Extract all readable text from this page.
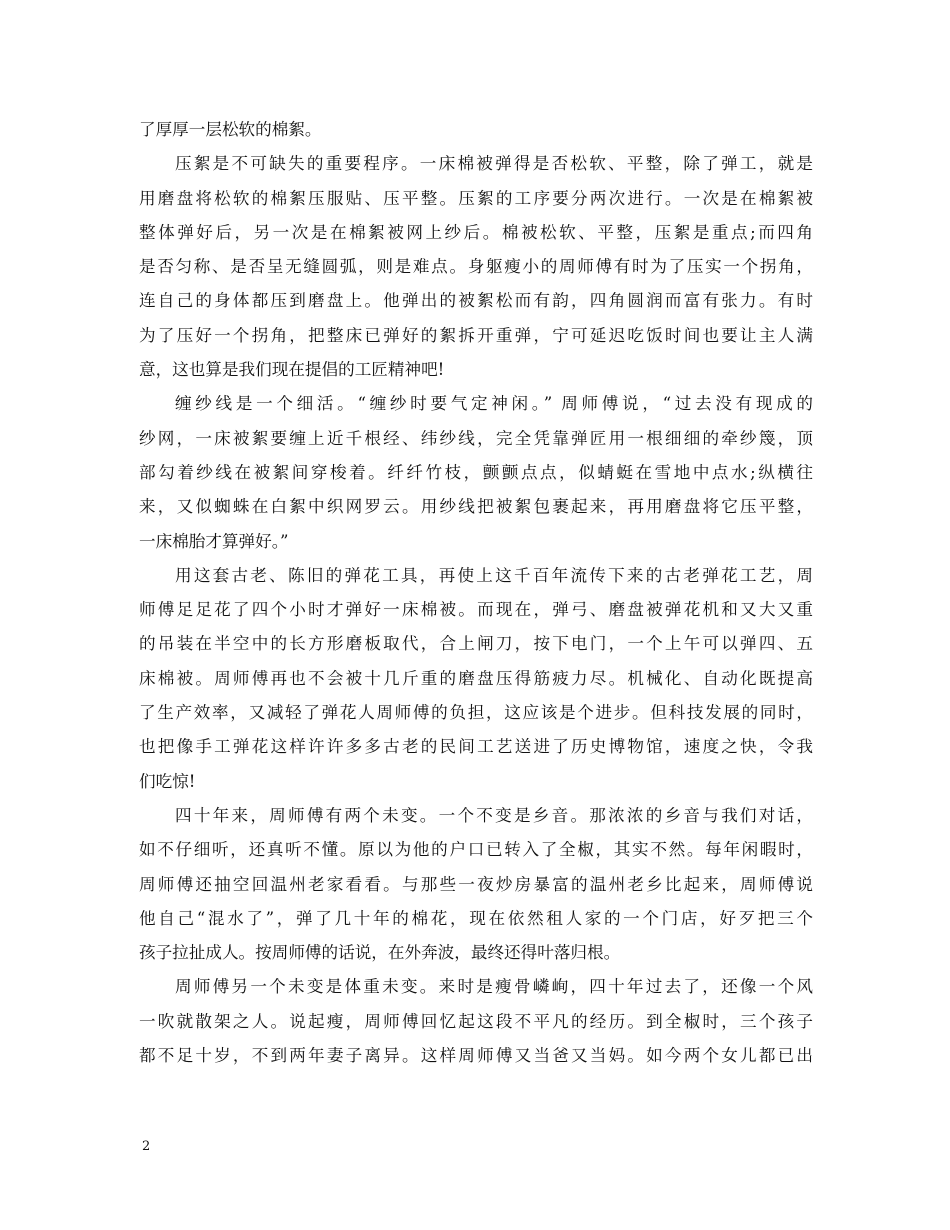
了厚厚一层松软的棉絮。
压絮是不可缺失的重要程序。一床棉被弹得是否松软、平整，除了弹工，就是
用磨盘将松软的棉絮压服贴、压平整。压絮的工序要分两次进行。一次是在棉絮被
整体弹好后，另一次是在棉絮被网上纱后。棉被松软、平整，压絮是重点;而四角
是否匀称、是否呈无缝圆弧，则是难点。身躯瘦小的周师傅有时为了压实一个拐角，
连自己的身体都压到磨盘上。他弹出的被絮松而有韵，四角圆润而富有张力。有时
为了压好一个拐角，把整床已弹好的絮拆开重弹，宁可延迟吃饭时间也要让主人满
意，这也算是我们现在提倡的工匠精神吧!
缠纱线是一个细活。“缠纱时要气定神闲。” 周师傅说，“过去没有现成的
纱网，一床被絮要缠上近千根经、纬纱线，完全凭靠弹匠用一根细细的牵纱篾，顶
部勾着纱线在被絮间穿梭着。纤纤竹枝，颤颤点点，似蜻蜓在雪地中点水;纵横往
来，又似蜘蛛在白絮中织网罗云。用纱线把被絮包裹起来，再用磨盘将它压平整，
一床棉胎才算弹好。”
用这套古老、陈旧的弹花工具，再使上这千百年流传下来的古老弹花工艺，周
师傅足足花了四个小时才弹好一床棉被。而现在，弹弓、磨盘被弹花机和又大又重
的吊装在半空中的长方形磨板取代，合上闸刀，按下电门，一个上午可以弹四、五
床棉被。周师傅再也不会被十几斤重的磨盘压得筋疲力尽。机械化、自动化既提高
了生产效率，又减轻了弹花人周师傅的负担，这应该是个进步。但科技发展的同时，
也把像手工弹花这样许许多多古老的民间工艺送进了历史博物馆，速度之快，令我
们吃惊!
四十年来，周师傅有两个未变。一个不变是乡音。那浓浓的乡音与我们对话，
如不仔细听，还真听不懂。原以为他的户口已转入了全椒，其实不然。每年闲暇时，
周师傅还抽空回温州老家看看。与那些一夜炒房暴富的温州老乡比起来，周师傅说
他自己“混水了”，弹了几十年的棉花，现在依然租人家的一个门店，好歹把三个
孩子拉扯成人。按周师傅的话说，在外奔波，最终还得叶落归根。
周师傅另一个未变是体重未变。来时是瘦骨嶙峋，四十年过去了，还像一个风
一吹就散架之人。说起瘦，周师傅回忆起这段不平凡的经历。到全椒时，三个孩子
都不足十岁，不到两年妻子离异。这样周师傅又当爸又当妈。如今两个女儿都已出
2
